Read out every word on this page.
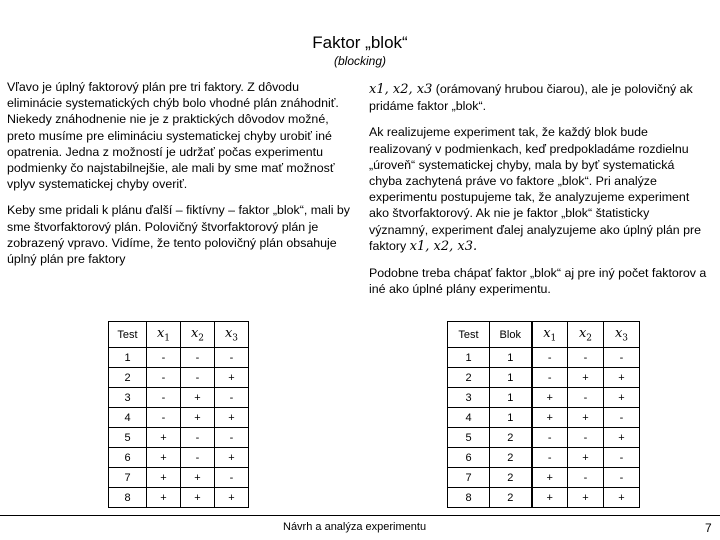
Faktor „blok“
(blocking)

Vľavo je úplný faktorový plán pre tri faktory. Z dôvodu eliminácie systematických chýb bolo vhodné plán znáhodniť. Niekedy znáhodnenie nie je z praktických dôvodov možné, preto musíme pre elimináciu systematickej chyby urobiť iné opatrenia. Jedna z možností je udržať počas experimentu podmienky čo najstabilnejšie, ale mali by sme mať možnosť vplyv systematickej chyby overiť.

Keby sme pridali k plánu ďalší – fiktívny – faktor „blok“, mali by sme štvorfaktorový plán. Polovičný štvorfaktorový plán je zobrazený vpravo. Vidíme, že tento polovičný plán obsahuje úplný plán pre faktory

x1, x2, x3 (orámovaný hrubou čiarou), ale je polovičný ak pridáme faktor „blok“.

Ak realizujeme experiment tak, že každý blok bude realizovaný v podmienkach, keď predpokladáme rozdielnu „úroveň“ systematickej chyby, mala by byť systematická chyba zachytená práve vo faktore „blok“. Pri analýze experimentu postupujeme tak, že analyzujeme experiment ako štvorfaktorový. Ak nie je faktor „blok“ štatisticky významný, experiment ďalej analyzujeme ako úplný plán pre faktory x1, x2, x3.

Podobne treba chápať faktor „blok“ aj pre iný počet faktorov a iné ako úplné plány experimentu.

Test	$x_1$	$x_2$	$x_3$
1	-	-	-
2	-	-	+
3	-	+	-
4	-	+	+
5	+	-	-
6	+	-	+
7	+	+	-
8	+	+	+
Test	Blok	$x_1$	$x_2$	$x_3$
1	1	-	-	-
2	1	-	+	+
3	1	+	-	+
4	1	+	+	-
5	2	-	-	+
6	2	-	+	-
7	2	+	-	-
8	2	+	+	+
Návrh a analýza experimentu	7
